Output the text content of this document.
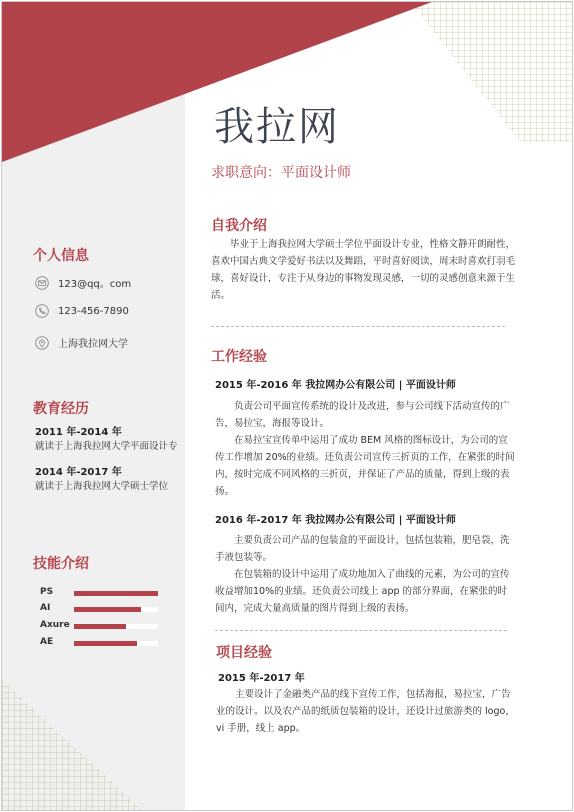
我拉网
求职意向：平面设计师
个人信息
123@qq。com
123-456-7890
上海我拉网大学
教育经历
2011 年-2014 年
就读于上海我拉网大学平面设计专
2014 年-2017 年
就读于上海我拉网大学硕士学位
技能介绍
PS
AI
Axure
AE
自我介绍

毕业于上海我拉网大学硕士学位平面设计专业，性格文静开朗耐性，喜欢中国古典文学爱好书法以及舞蹈，平时喜好阅读，周末时喜欢打羽毛球，喜好设计，专注于从身边的事物发现灵感，一切的灵感创意来源于生活。

工作经验
2015 年-2016 年 我拉网办公有限公司 | 平面设计师

负责公司平面宣传系统的设计及改进，参与公司线下活动宣传的广告，易拉宝，海报等设计。

在易拉宝宣传单中运用了成功 BEM 风格的图标设计，为公司的宣传工作增加 20%的业绩。还负责公司宣传三折页的工作，在紧张的时间内，按时完成不同风格的三折页，并保证了产品的质量，得到上级的表扬。

2016 年-2017 年 我拉网办公有限公司 | 平面设计师

主要负责公司产品的包装盒的平面设计，包括包装箱，肥皂袋，洗手液包装等。

在包装箱的设计中运用了成功地加入了曲线的元素，为公司的宣传收益增加10%的业绩。还负责公司线上 app 的部分界面，在紧张的时间内，完成大量高质量的图片得到上级的表扬。

项目经验
2015 年-2017 年

主要设计了金融类产品的线下宣传工作，包括海报，易拉宝，广告业的设计。以及农产品的纸质包装箱的设计，还设计过旅游类的 logo，vi 手册，线上 app。
